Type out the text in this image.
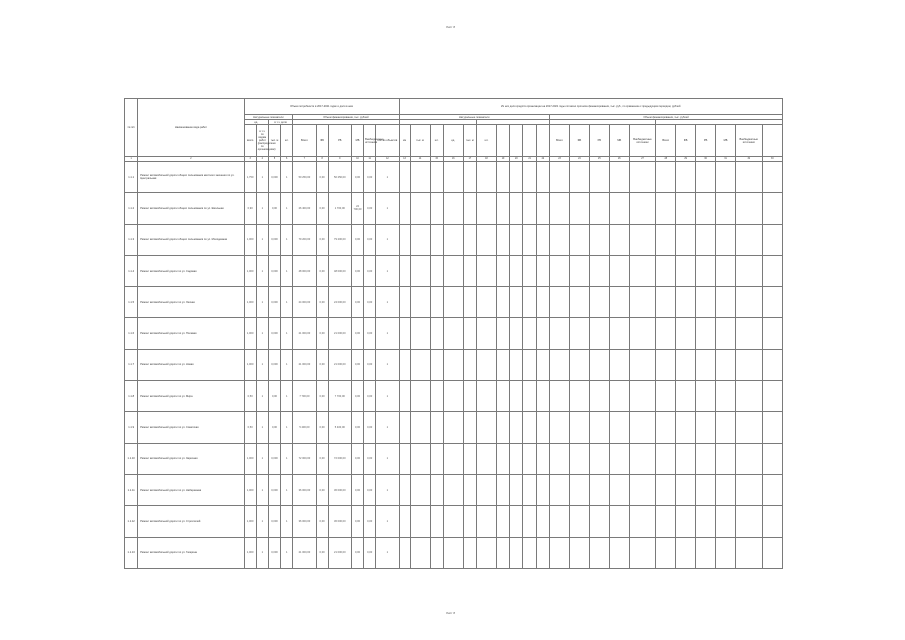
Лист 8
№ п/п	Наименование вида работ	Объем потребности в 2017-2021 годах и доля в нем										Из них доля средств организации на 2017-2021 годы согласно прогноза финансирования, тыс. руб., по сравнению с предыдущим периодом, рублей																				
		Натуральные показатели				Объем финансирования, тыс. рублей						Натуральные показатели										Объем финансирования, тыс. рублей										
		ед.		в т.ч. доля																												
		всего	в т.ч. по видам работ (распределено по организациям)	тыс. м	шт.	Всего	ФБ	РБ	МБ	Внебюджетные источники	Кол-во объектов	км	тыс. м	шт.	ед.	тыс. м	шт.					Всего	ФБ	РБ	МБ	Внебюджетные источники	Всего	ФБ	РБ	МБ	Внебюджетные источники	
1	2	3	4	5	6	7	8	9	10	11	12	13	14	15	16	17	18	19	20	21	22	23	24	25	26	27	28	29	30	31	32	33
1.1.1	Ремонт автомобильной дороги общего пользования местного значения по ул. Центральная	1,750	1	0,000	1	50 250,00	0,00	50 250,00	0,00	0,00	1																					
1.1.2	Ремонт автомобильной дороги общего пользования по ул. Школьная	0,90	1	0,00	1	26 400,00	0,00	1 700,00	24 700,00	0,00	1																					
1.1.3	Ремонт автомобильной дороги общего пользования по ул. Молодежная	1,000	1	0,000	1	79 200,00	0,00	79 200,00	0,00	0,00	1																					
1.1.4	Ремонт автомобильной дороги по ул. Садовая	1,000	1	0,000	1	48 000,00	0,00	48 000,00	0,00	0,00	1																					
1.1.5	Ремонт автомобильной дороги по ул. Лесная	1,000	1	0,000	1	24 000,00	0,00	24 000,00	0,00	0,00	1																					
1.1.6	Ремонт автомобильной дороги по ул. Полевая	1,000	1	0,000	1	21 000,00	0,00	21 000,00	0,00	0,00	1																					
1.1.7	Ремонт автомобильной дороги по ул. Новая	1,000	1	0,000	1	21 000,00	0,00	21 000,00	0,00	0,00	1																					
1.1.8	Ремонт автомобильной дороги по ул. Мира	0,50	1	0,00	1	7 700,00	0,00	7 700,00	0,00	0,00	1																					
1.1.9	Ремонт автомобильной дороги по ул. Советская	0,50	1	0,00	1	5 400,00	0,00	5 400,00	0,00	0,00	1																					
1.1.10	Ремонт автомобильной дороги по ул. Заречная	1,000	1	0,000	1	72 000,00	0,00	72 000,00	0,00	0,00	1																					
1.1.11	Ремонт автомобильной дороги по ул. Набережная	1,000	1	0,000	1	36 000,00	0,00	36 000,00	0,00	0,00	1																					
1.1.12	Ремонт автомобильной дороги по ул. Строителей	1,000	1	0,000	1	36 000,00	0,00	36 000,00	0,00	0,00	1																					
1.1.13	Ремонт автомобильной дороги по ул. Гагарина	1,000	1	0,000	1	21 000,00	0,00	21 000,00	0,00	0,00	1																					
Лист 8
